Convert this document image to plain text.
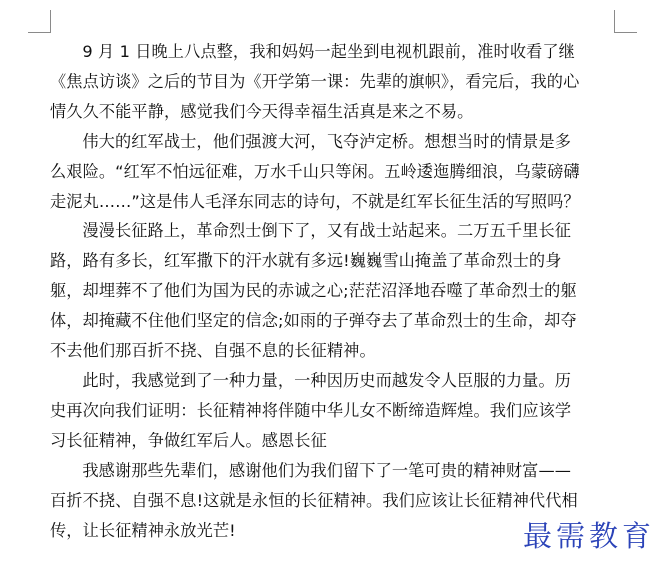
9 月 1 日晚上八点整，我和妈妈一起坐到电视机跟前，准时收看了继《焦点访谈》之后的节目为《开学第一课：先辈的旗帜》，看完后，我的心情久久不能平静，感觉我们今天得幸福生活真是来之不易。

伟大的红军战士，他们强渡大河，飞夺泸定桥。想想当时的情景是多么艰险。“红军不怕远征难，万水千山只等闲。五岭逶迤腾细浪，乌蒙磅礴走泥丸……”这是伟人毛泽东同志的诗句，不就是红军长征生活的写照吗？

漫漫长征路上，革命烈士倒下了，又有战士站起来。二万五千里长征路，路有多长，红军撒下的汗水就有多远!巍巍雪山掩盖了革命烈士的身躯，却埋葬不了他们为国为民的赤诚之心;茫茫沼泽地吞噬了革命烈士的躯体，却掩藏不住他们坚定的信念;如雨的子弹夺去了革命烈士的生命，却夺不去他们那百折不挠、自强不息的长征精神。

此时，我感觉到了一种力量，一种因历史而越发令人臣服的力量。历史再次向我们证明：长征精神将伴随中华儿女不断缔造辉煌。我们应该学习长征精神，争做红军后人。感恩长征

我感谢那些先辈们，感谢他们为我们留下了一笔可贵的精神财富——百折不挠、自强不息!这就是永恒的长征精神。我们应该让长征精神代代相传，让长征精神永放光芒!	最需教育
